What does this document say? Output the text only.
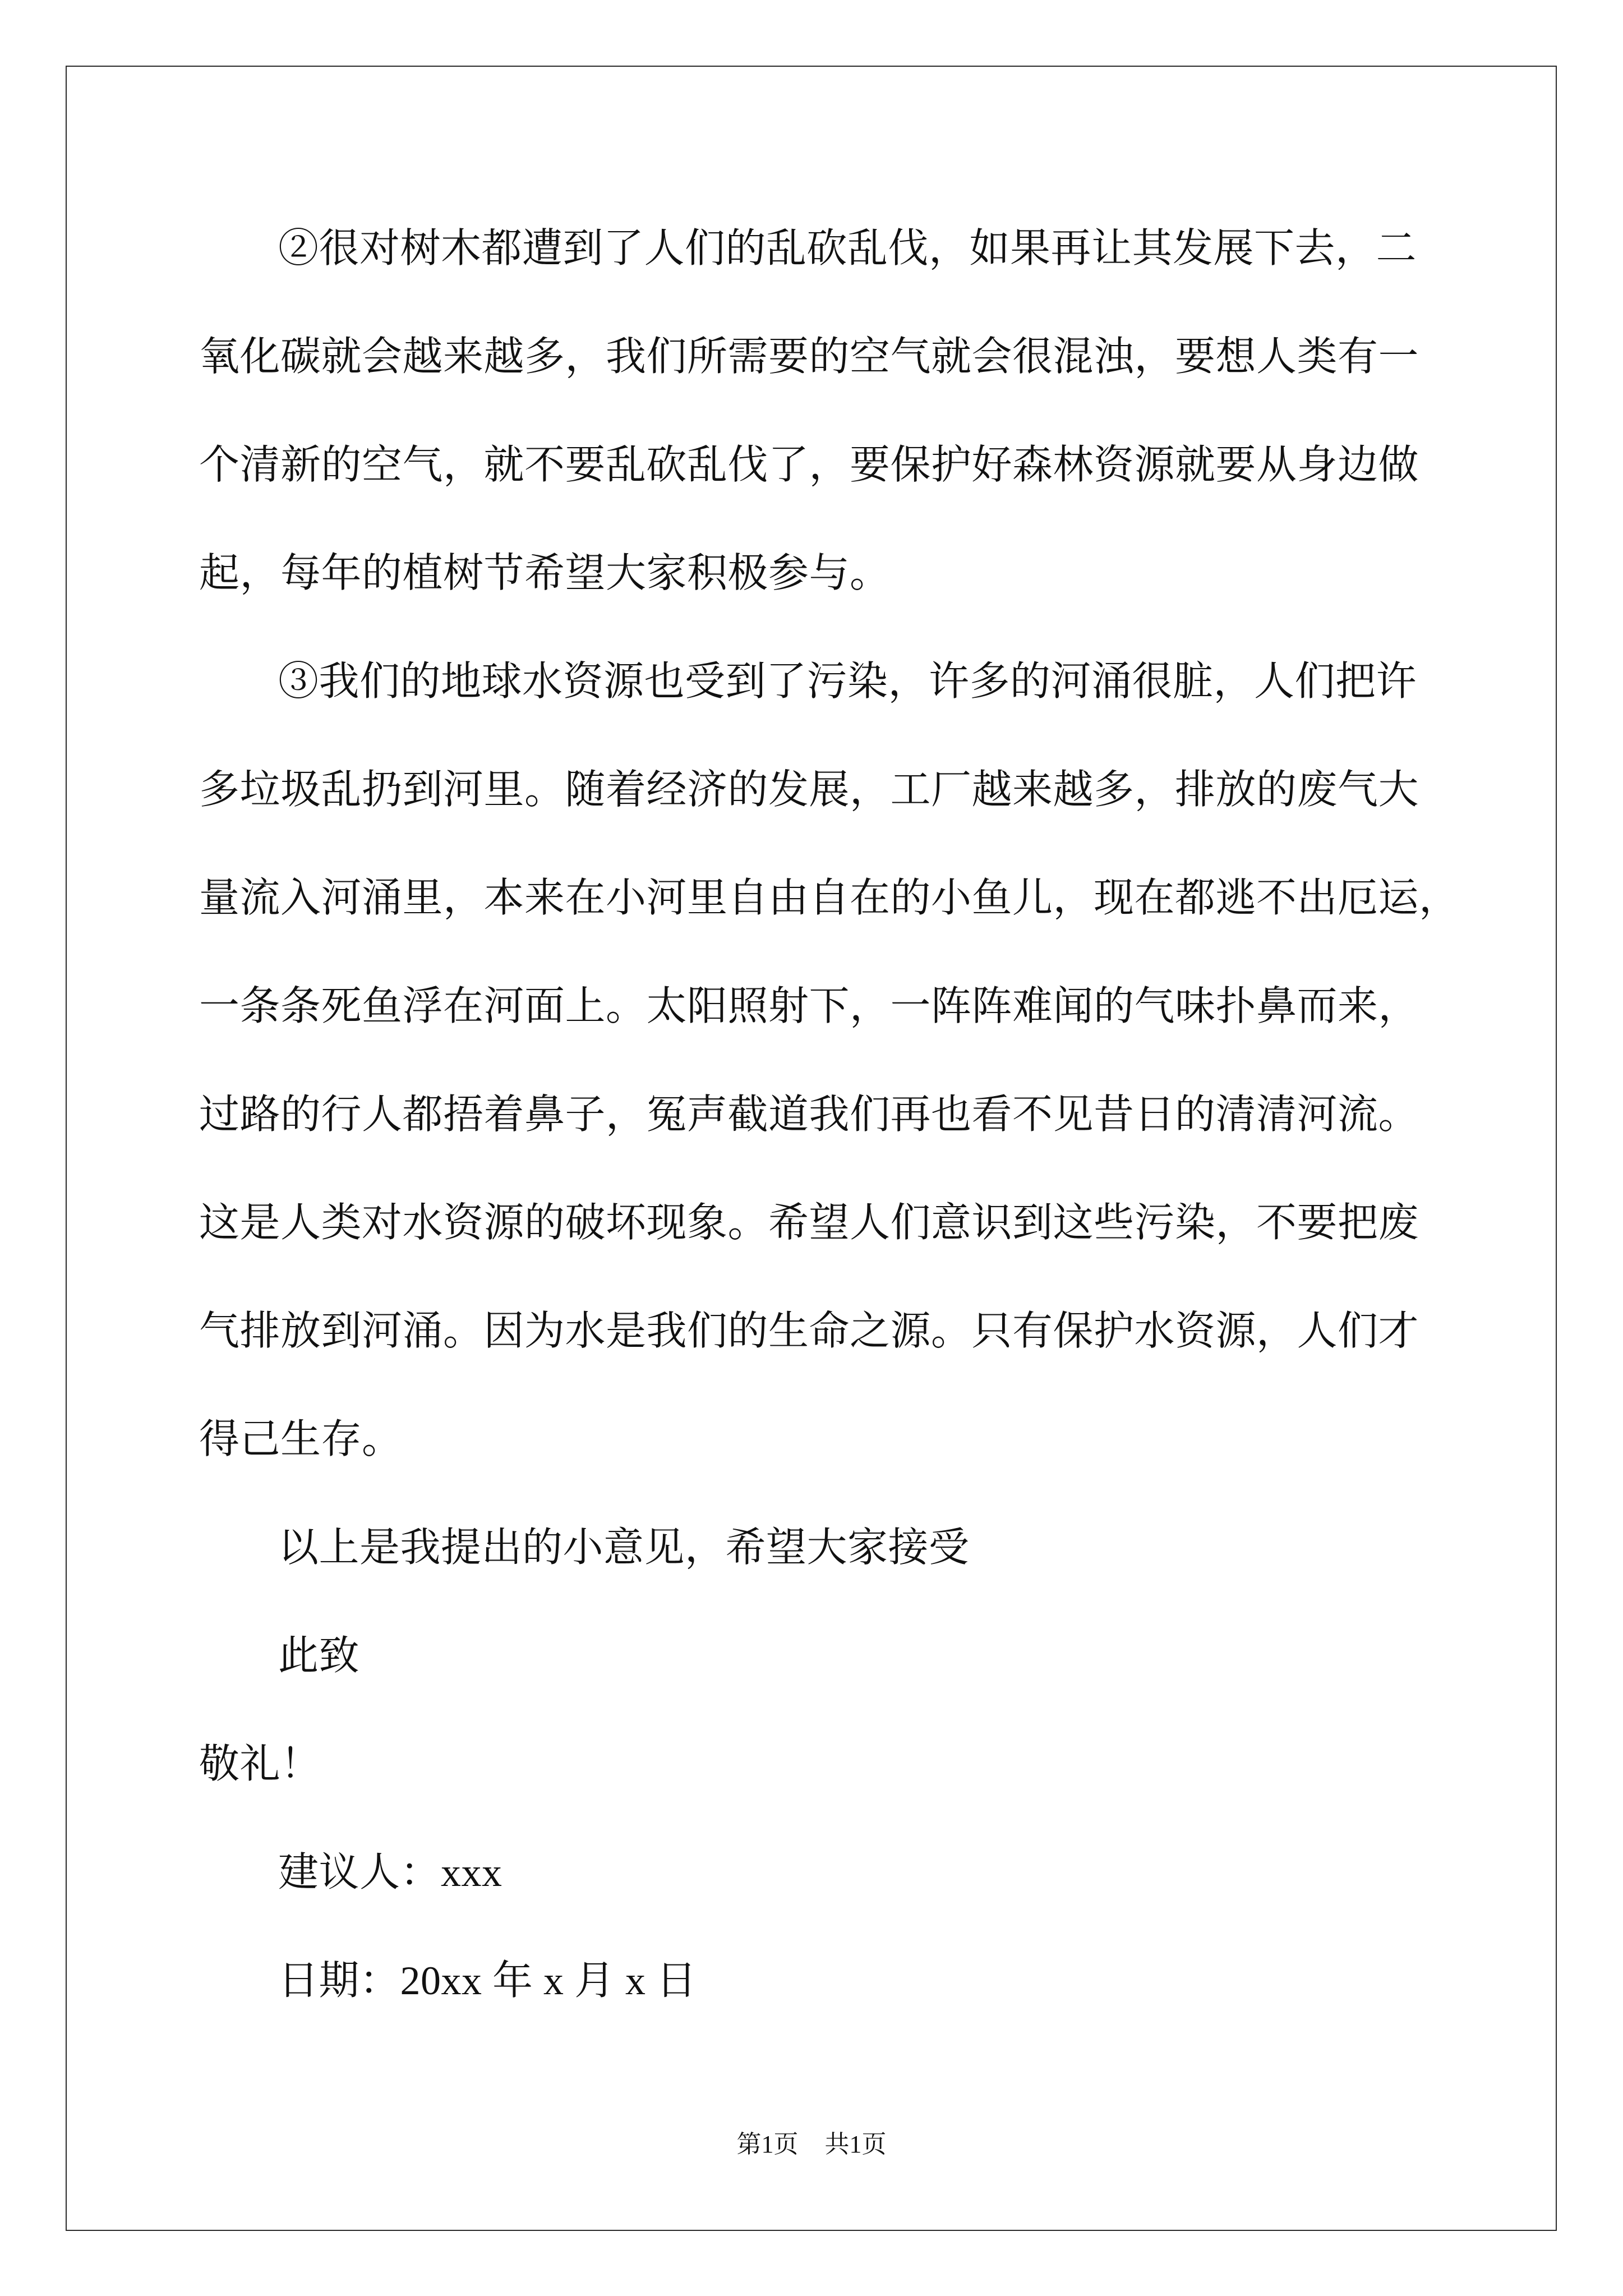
②很对树木都遭到了人们的乱砍乱伐，如果再让其发展下去，二
氧化碳就会越来越多，我们所需要的空气就会很混浊，要想人类有一
个清新的空气，就不要乱砍乱伐了，要保护好森林资源就要从身边做
起，每年的植树节希望大家积极参与。
③我们的地球水资源也受到了污染，许多的河涌很脏，人们把许
多垃圾乱扔到河里。随着经济的发展，工厂越来越多，排放的废气大
量流入河涌里，本来在小河里自由自在的小鱼儿，现在都逃不出厄运，
一条条死鱼浮在河面上。太阳照射下，一阵阵难闻的气味扑鼻而来，
过路的行人都捂着鼻子，冤声截道我们再也看不见昔日的清清河流。
这是人类对水资源的破坏现象。希望人们意识到这些污染，不要把废
气排放到河涌。因为水是我们的生命之源。只有保护水资源，人们才
得己生存。
以上是我提出的小意见，希望大家接受
此致
敬礼！
建议人：xxx
日期：20xx 年 x 月 x 日
第1页 共1页
